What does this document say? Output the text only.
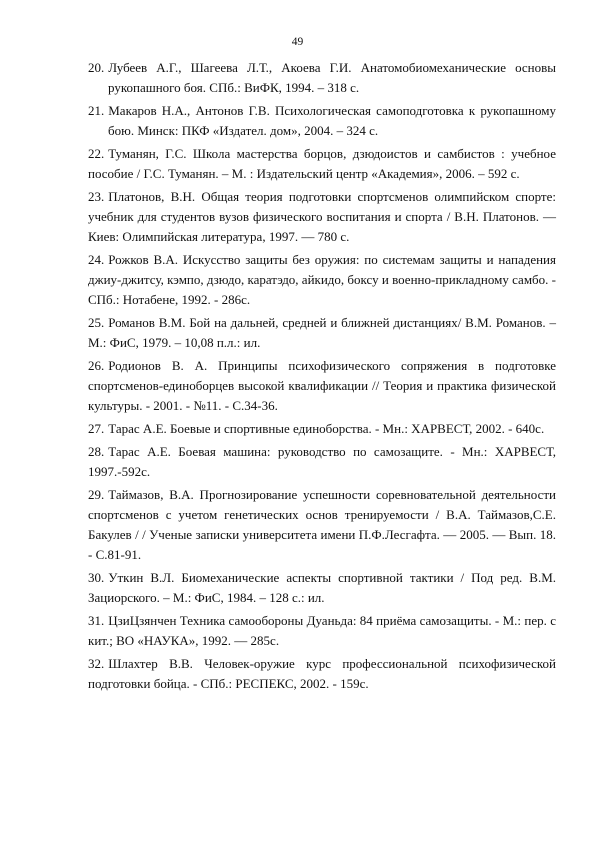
49
20. Лубеев А.Г., Шагеева Л.Т., Акоева Г.И. Анатомобиомеханические основы рукопашного боя. СПб.: ВиФК, 1994. – 318 с.
21. Макаров Н.А., Антонов Г.В. Психологическая самоподготовка к рукопашному бою. Минск: ПКФ «Издател. дом», 2004. – 324 с.
22. Туманян, Г.С. Школа мастерства борцов, дзюдоистов и самбистов : учебное пособие / Г.С. Туманян. – М. : Издательский центр «Академия», 2006. – 592 с.
23. Платонов, В.Н. Общая теория подготовки спортсменов олимпийском спорте: учебник для студентов вузов физического воспитания и спорта / В.Н. Платонов. — Киев: Олимпийская литература, 1997. — 780 с.
24. Рожков В.А. Искусство защиты без оружия: по системам защиты и нападения джиу-джитсу, кэмпо, дзюдо, каратэдо, айкидо, боксу и военно-прикладному самбо. - СПб.: Нотабене, 1992. - 286с.
25. Романов В.М. Бой на дальней, средней и ближней дистанциях/ В.М. Романов. – М.: ФиС, 1979. – 10,08 п.л.: ил.
26. Родионов В. А. Принципы психофизического сопряжения в подготовке спортсменов-единоборцев высокой квалификации // Теория и практика физической культуры. - 2001. - №11. - С.34-36.
27. Тарас А.Е. Боевые и спортивные единоборства. - Мн.: ХАРВЕСТ, 2002. - 640с.
28. Тарас А.Е. Боевая машина: руководство по самозащите. - Мн.: ХАРВЕСТ, 1997.-592с.
29. Таймазов, В.А. Прогнозирование успешности соревновательной деятельности спортсменов с учетом генетических основ тренируемости / В.А. Таймазов,С.Е. Бакулев / / Ученые записки университета имени П.Ф.Лесгафта. — 2005. — Вып. 18. - С.81-91.
30. Уткин В.Л. Биомеханические аспекты спортивной тактики / Под ред. В.М. Зациорского. – М.: ФиС, 1984. – 128 с.: ил.
31. ЦзиЦзянчен Техника самообороны Дуаньда: 84 приёма самозащиты. - М.: пер. с кит.; ВО «НАУКА», 1992. — 285с.
32. Шлахтер В.В. Человек-оружие курс профессиональной психофизической подготовки бойца. - СПб.: РЕСПЕКС, 2002. - 159с.
